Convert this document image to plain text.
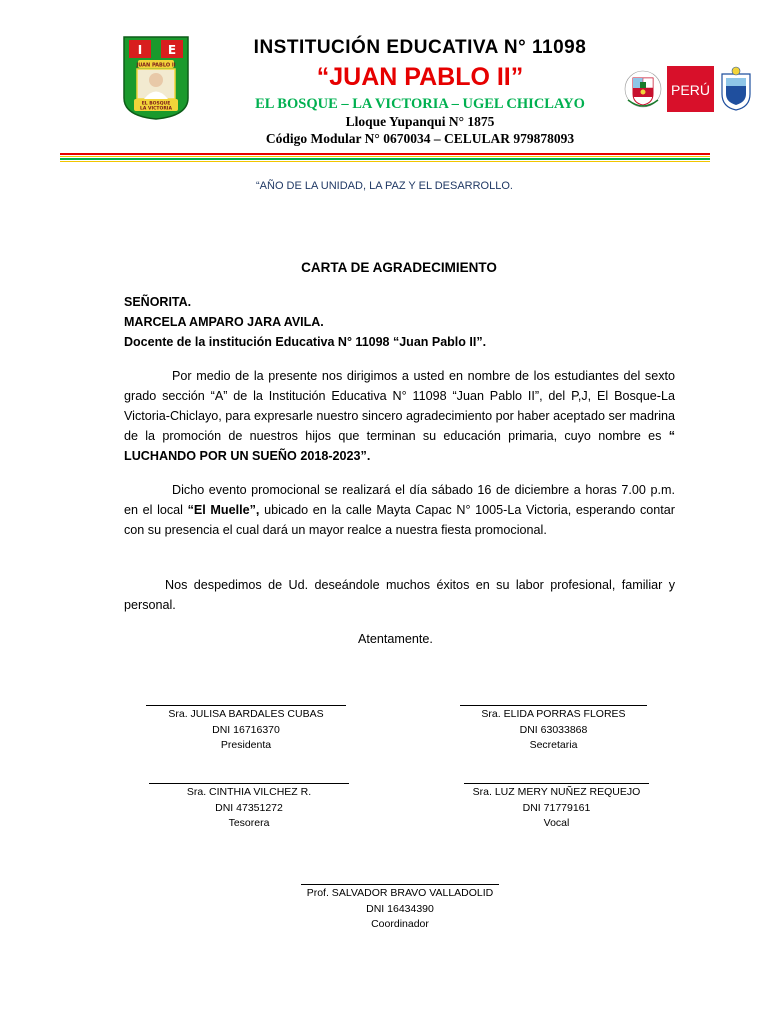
I E
JUAN PABLO II
EL BOSQUE
LA VICTORIA
INSTITUCIÓN EDUCATIVA N° 11098
“JUAN PABLO II”
EL BOSQUE – LA VICTORIA – UGEL CHICLAYO
Lloque Yupanqui N° 1875
Código Modular N° 0670034 – CELULAR 979878093
PERÚ
“AÑO DE LA UNIDAD, LA PAZ Y EL DESARROLLO.
CARTA DE AGRADECIMIENTO
SEÑORITA.
MARCELA AMPARO JARA AVILA.
Docente de la institución Educativa N° 11098 “Juan Pablo II”.

Por medio de la presente nos dirigimos a usted en nombre de los estudiantes del sexto grado sección “A” de la Institución Educativa N° 11098 “Juan Pablo II”, del P,J, El Bosque-La Victoria-Chiclayo, para expresarle nuestro sincero agradecimiento por haber aceptado ser madrina de la promoción de nuestros hijos que terminan su educación primaria, cuyo nombre es “ LUCHANDO POR UN SUEÑO 2018-2023”.

Dicho evento promocional se realizará el día sábado 16 de diciembre a horas 7.00 p.m. en el local “El Muelle”, ubicado en la calle Mayta Capac N° 1005-La Victoria, esperando contar con su presencia el cual dará un mayor realce a nuestra fiesta promocional.

Nos despedimos de Ud. deseándole muchos éxitos en su labor profesional, familiar y personal.

Atentamente.
Sra. JULISA BARDALES CUBAS
DNI 16716370
Presidenta
Sra. ELIDA PORRAS FLORES
DNI 63033868
Secretaria
Sra. CINTHIA VILCHEZ R.
DNI 47351272
Tesorera
Sra. LUZ MERY NUÑEZ REQUEJO
DNI 71779161
Vocal
Prof. SALVADOR BRAVO VALLADOLID
DNI 16434390
Coordinador
